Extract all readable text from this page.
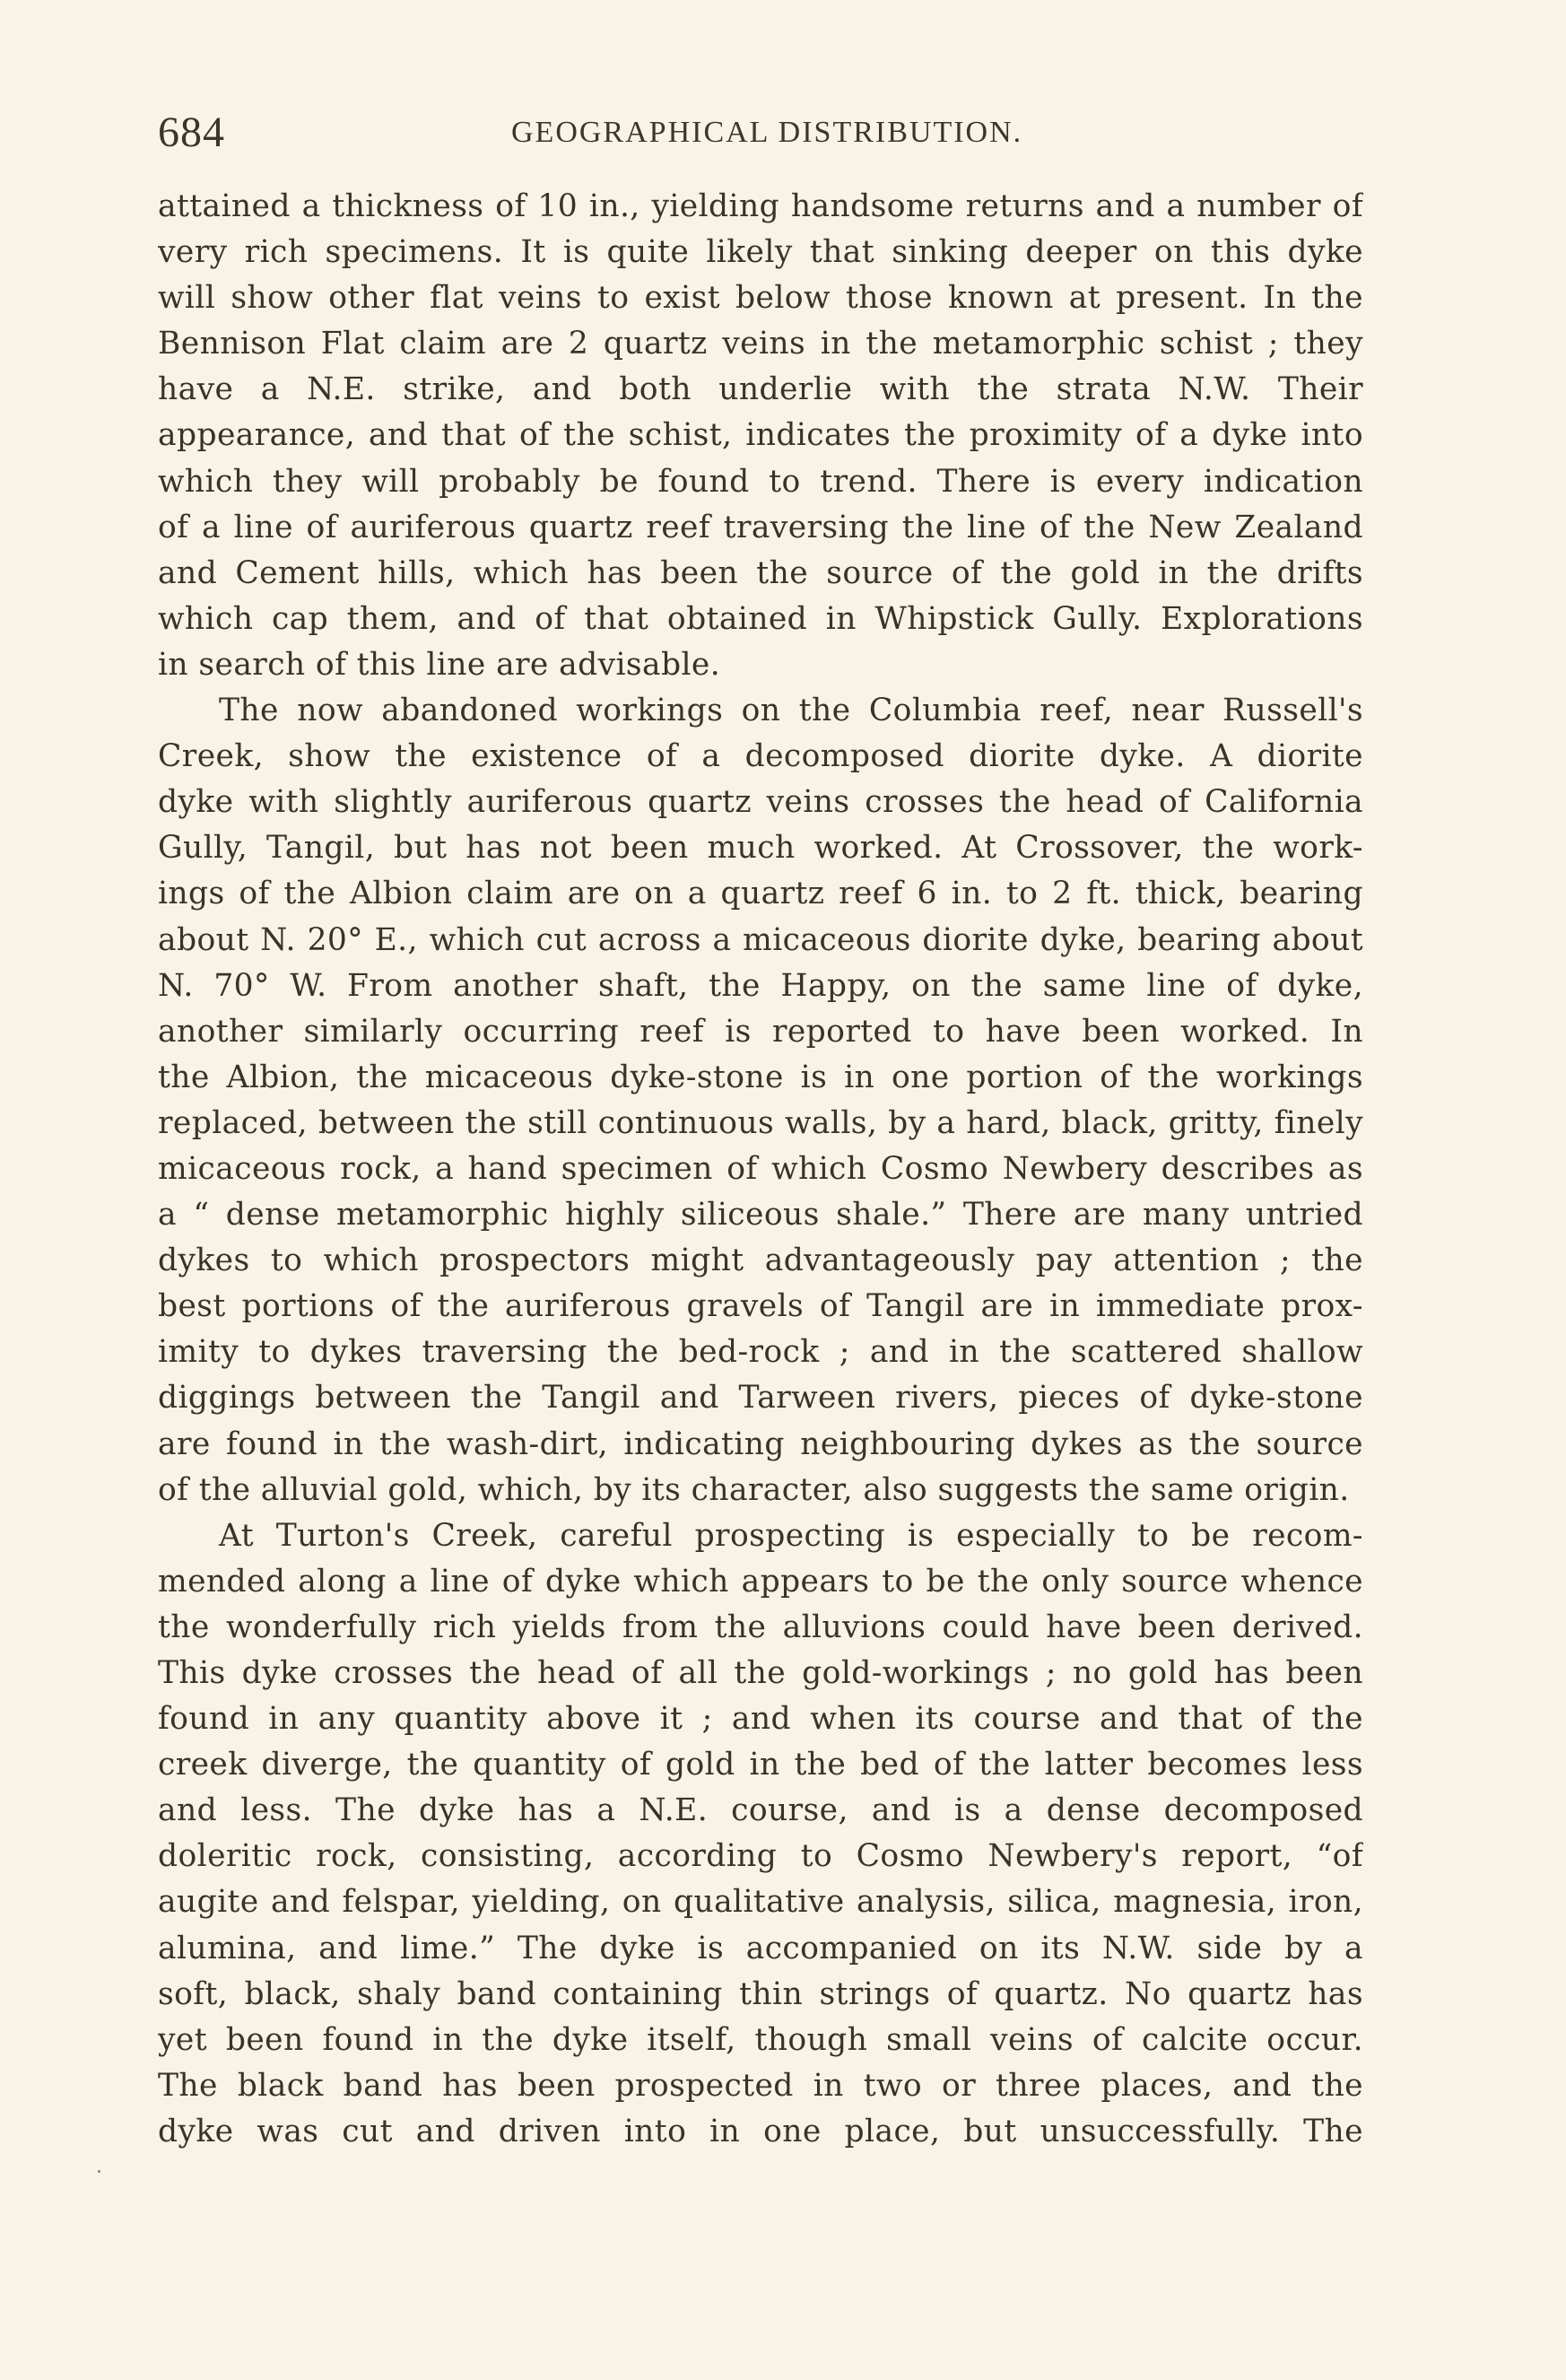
684	GEOGRAPHICAL DISTRIBUTION.
attained a thickness of 10 in., yielding handsome returns and a number of
very rich specimens. It is quite likely that sinking deeper on this dyke
will show other flat veins to exist below those known at present. In the
Bennison Flat claim are 2 quartz veins in the metamorphic schist ; they
have a N.E. strike, and both underlie with the strata N.W. Their
appearance, and that of the schist, indicates the proximity of a dyke into
which they will probably be found to trend. There is every indication
of a line of auriferous quartz reef traversing the line of the New Zealand
and Cement hills, which has been the source of the gold in the drifts
which cap them, and of that obtained in Whipstick Gully. Explorations
in search of this line are advisable.
The now abandoned workings on the Columbia reef, near Russell's
Creek, show the existence of a decomposed diorite dyke. A diorite
dyke with slightly auriferous quartz veins crosses the head of California
Gully, Tangil, but has not been much worked. At Crossover, the work-
ings of the Albion claim are on a quartz reef 6 in. to 2 ft. thick, bearing
about N. 20° E., which cut across a micaceous diorite dyke, bearing about
N. 70° W. From another shaft, the Happy, on the same line of dyke,
another similarly occurring reef is reported to have been worked. In
the Albion, the micaceous dyke-stone is in one portion of the workings
replaced, between the still continuous walls, by a hard, black, gritty, finely
micaceous rock, a hand specimen of which Cosmo Newbery describes as
a “ dense metamorphic highly siliceous shale.” There are many untried
dykes to which prospectors might advantageously pay attention ; the
best portions of the auriferous gravels of Tangil are in immediate prox-
imity to dykes traversing the bed-rock ; and in the scattered shallow
diggings between the Tangil and Tarween rivers, pieces of dyke-stone
are found in the wash-dirt, indicating neighbouring dykes as the source
of the alluvial gold, which, by its character, also suggests the same origin.
At Turton's Creek, careful prospecting is especially to be recom-
mended along a line of dyke which appears to be the only source whence
the wonderfully rich yields from the alluvions could have been derived.
This dyke crosses the head of all the gold-workings ; no gold has been
found in any quantity above it ; and when its course and that of the
creek diverge, the quantity of gold in the bed of the latter becomes less
and less. The dyke has a N.E. course, and is a dense decomposed
doleritic rock, consisting, according to Cosmo Newbery's report, “of
augite and felspar, yielding, on qualitative analysis, silica, magnesia, iron,
alumina, and lime.” The dyke is accompanied on its N.W. side by a
soft, black, shaly band containing thin strings of quartz. No quartz has
yet been found in the dyke itself, though small veins of calcite occur.
The black band has been prospected in two or three places, and the
dyke was cut and driven into in one place, but unsuccessfully. The
